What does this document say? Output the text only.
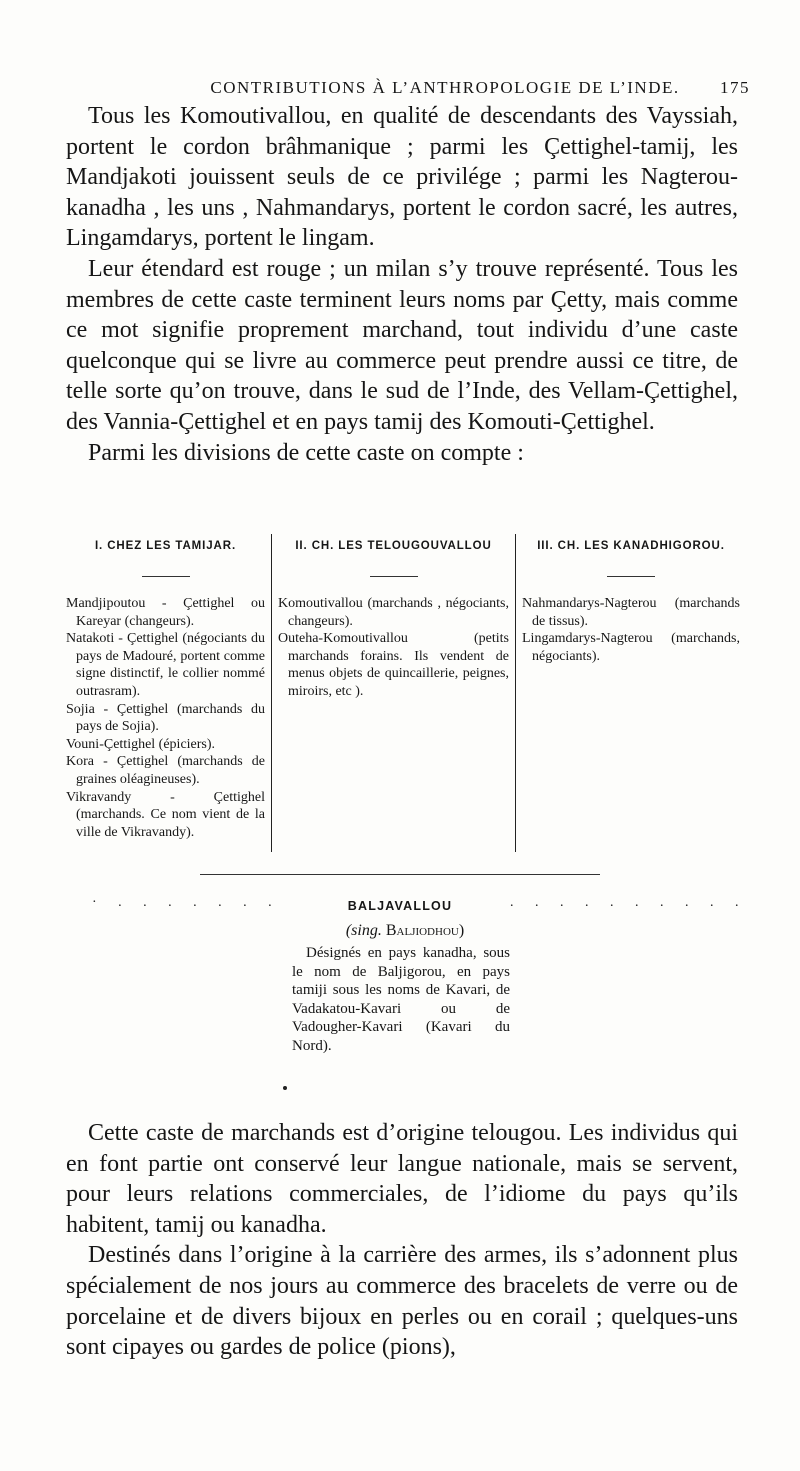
CONTRIBUTIONS À L’ANTHROPOLOGIE DE L’INDE.	175

Tous les Komoutivallou, en qualité de descendants des Vayssiah, portent le cordon brâhmanique ; parmi les Çettighel-tamij, les Mandjakoti jouissent seuls de ce privilége ; parmi les Nagterou-kanadha , les uns , Nahmandarys, portent le cordon sacré, les autres, Lingamdarys, portent le lingam.

Leur étendard est rouge ; un milan s’y trouve représenté. Tous les membres de cette caste terminent leurs noms par Çetty, mais comme ce mot signifie proprement marchand, tout individu d’une caste quelconque qui se livre au commerce peut prendre aussi ce titre, de telle sorte qu’on trouve, dans le sud de l’Inde, des Vellam-Çettighel, des Vannia-Çettighel et en pays tamij des Komouti-Çettighel.

Parmi les divisions de cette caste on compte :

I. CHEZ LES TAMIJAR.

Mandjipoutou - Çettighel ou Kareyar (changeurs).

Natakoti - Çettighel (négociants du pays de Madouré, portent comme signe distinctif, le collier nommé outrasram).

Sojia - Çettighel (marchands du pays de Sojia).

Vouni-Çettighel (épiciers).

Kora - Çettighel (marchands de graines oléagineuses).

Vikravandy - Çettighel (marchands. Ce nom vient de la ville de Vikravandy).

II. CH. LES TELOUGOUVALLOU

Komoutivallou (marchands , négociants, changeurs).

Outeha-Komoutivallou (petits marchands forains. Ils vendent de menus objets de quincaillerie, peignes, miroirs, etc ).

III. CH. LES KANADHIGOROU.

Nahmandarys-Nagterou (marchands de tissus).

Lingamdarys-Nagterou (marchands, négociants).

· . . . . . . .	. . . . . . . . . .
BALJAVALLOU
(sing. Baljiodhou)

Désignés en pays kanadha, sous le nom de Baljigorou, en pays tamiji sous les noms de Kavari, de Vadakatou-Kavari ou de Vadougher-Kavari (Kavari du Nord).

Cette caste de marchands est d’origine telougou. Les individus qui en font partie ont conservé leur langue nationale, mais se servent, pour leurs relations commerciales, de l’idiome du pays qu’ils habitent, tamij ou kanadha.

Destinés dans l’origine à la carrière des armes, ils s’adonnent plus spécialement de nos jours au commerce des bracelets de verre ou de porcelaine et de divers bijoux en perles ou en corail ; quelques-uns sont cipayes ou gardes de police (pions),
